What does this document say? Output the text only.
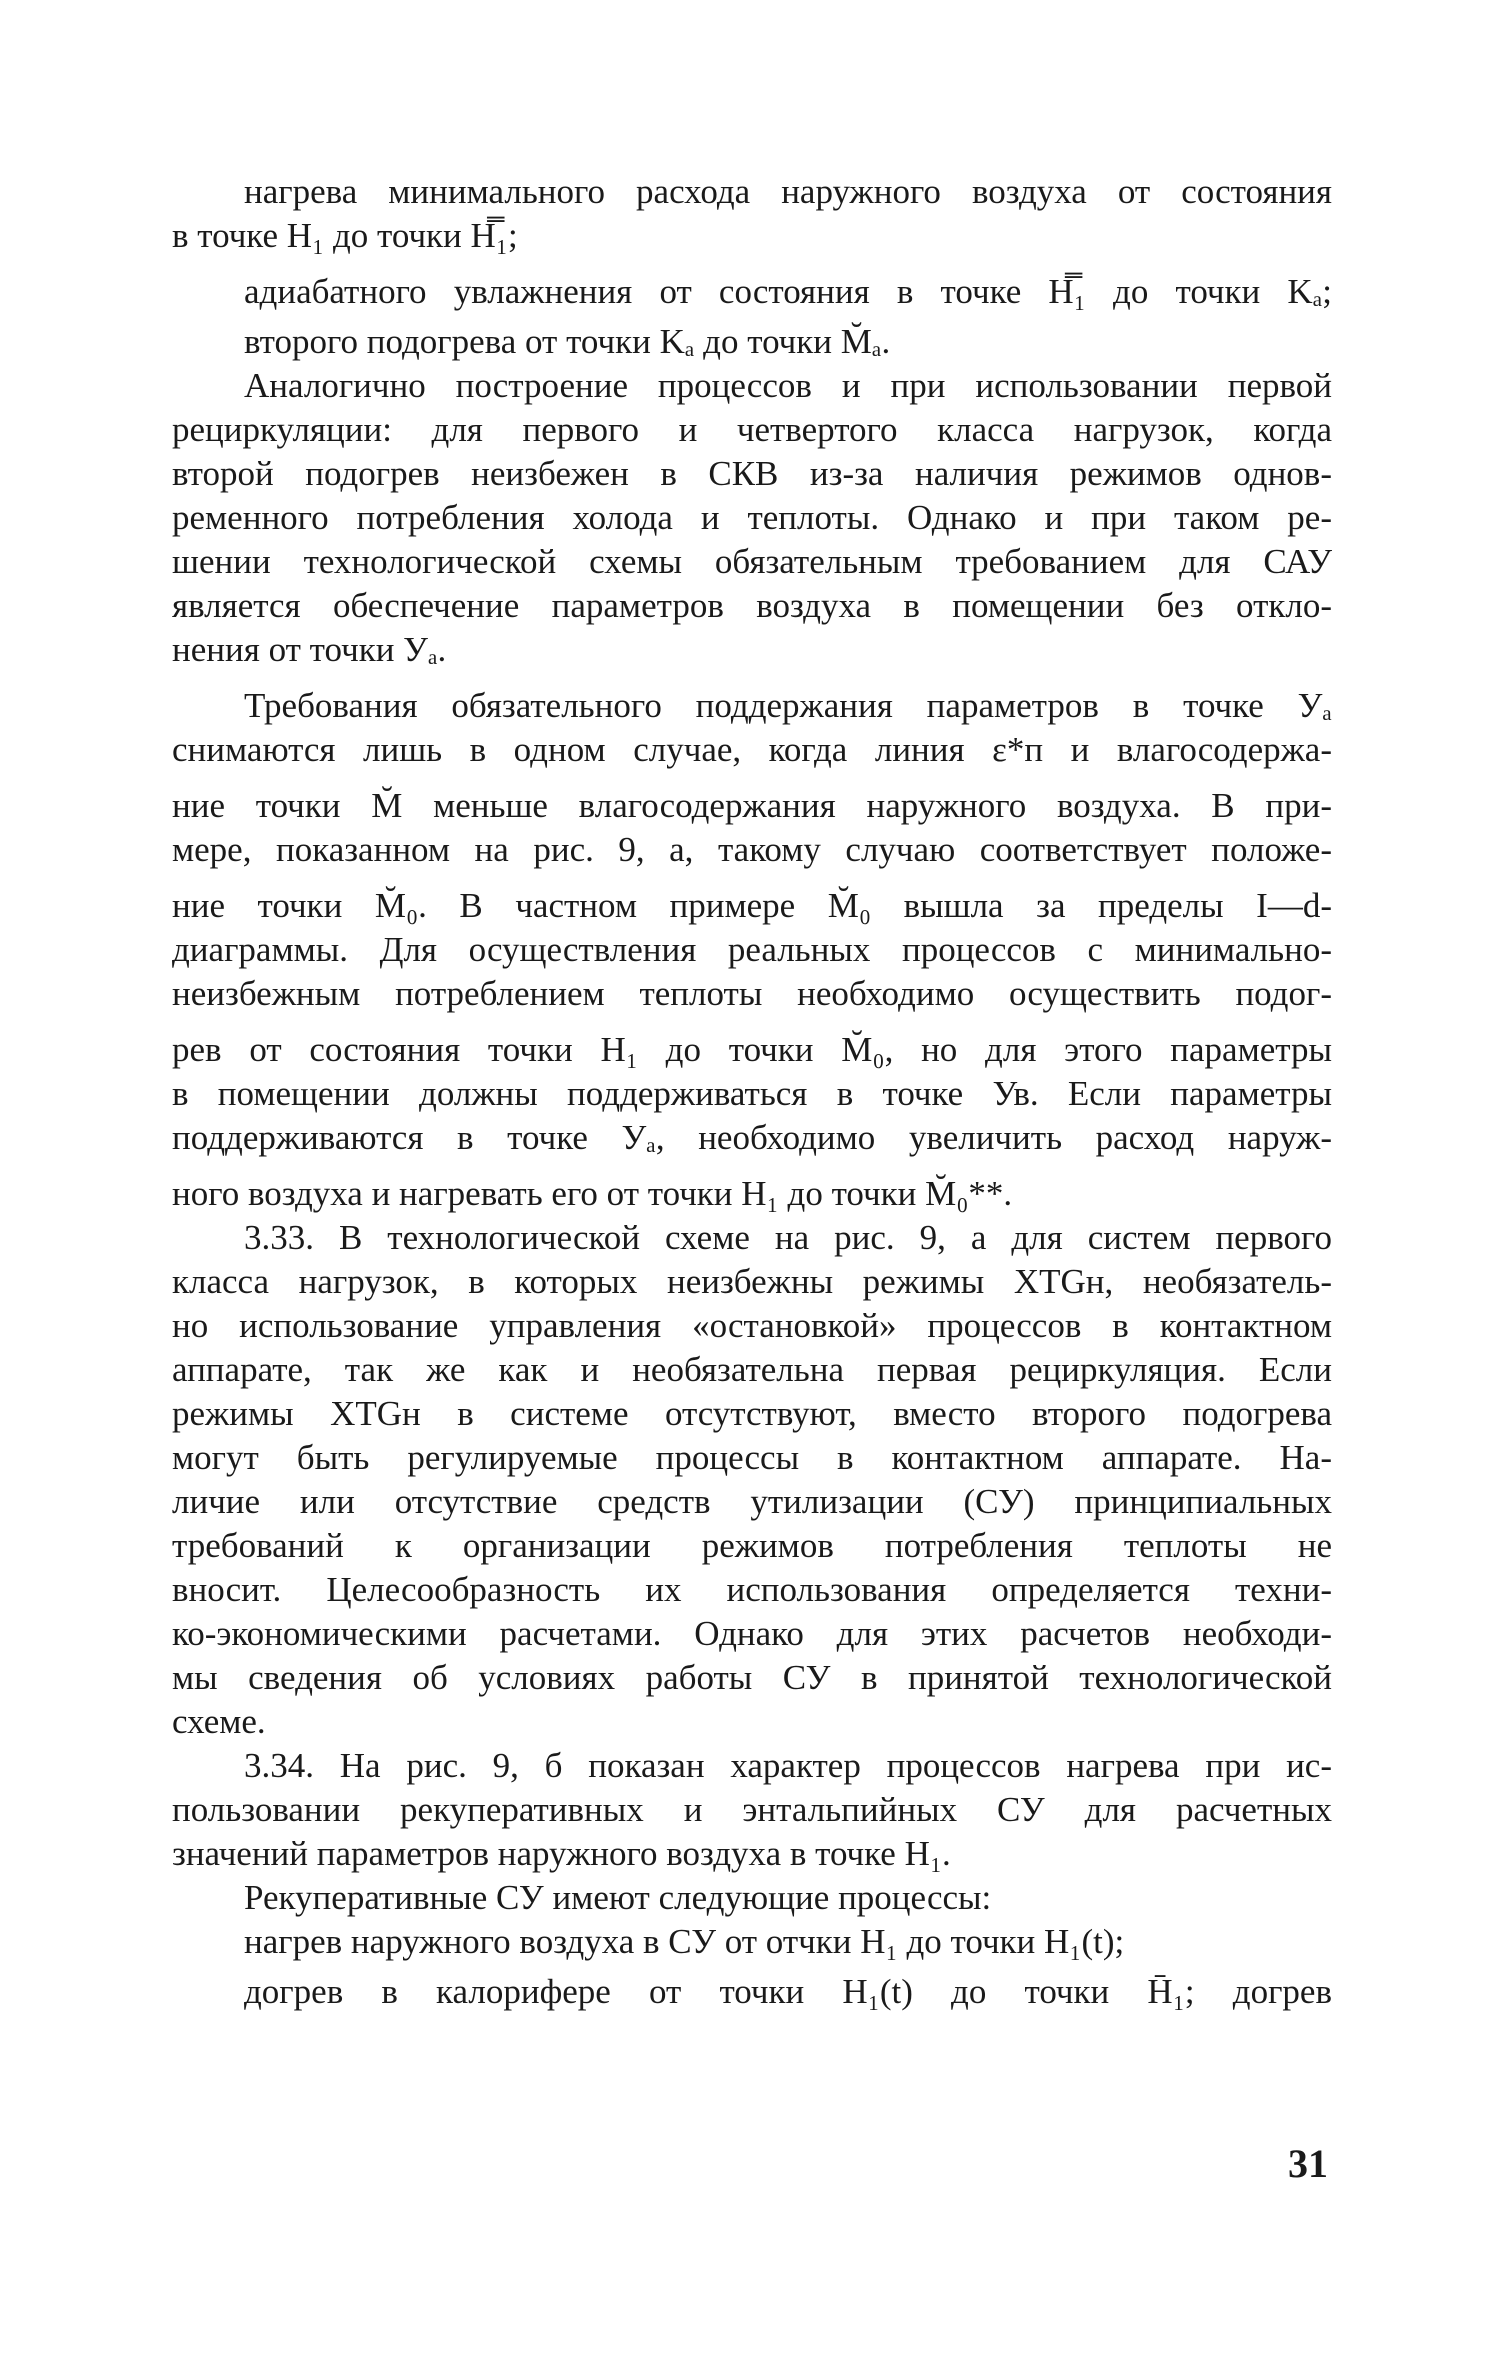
нагрева минимального расхода наружного воздуха от состояния
в точке H₁ до точки H̿₁;
адиабатного увлажнения от состояния в точке H̿₁ до точки Kₐ;
второго подогрева от точки Kₐ до точки M̆ₐ.
Аналогично построение процессов и при использовании первой
рециркуляции: для первого и четвертого класса нагрузок, когда
второй подогрев неизбежен в СКВ из-за наличия режимов однов-
ременного потребления холода и теплоты. Однако и при таком ре-
шении технологической схемы обязательным требованием для САУ
является обеспечение параметров воздуха в помещении без откло-
нения от точки Уₐ.
Требования обязательного поддержания параметров в точке Уₐ
снимаются лишь в одном случае, когда линия ε*п и влагосодержа-
ние точки M̆ меньше влагосодержания наружного воздуха. В при-
мере, показанном на рис. 9, а, такому случаю соответствует положе-
ние точки M̆₀. В частном примере M̆₀ вышла за пределы I—d-
диаграммы. Для осуществления реальных процессов с минимально-
неизбежным потреблением теплоты необходимо осуществить подог-
рев от состояния точки H₁ до точки M̆₀, но для этого параметры
в помещении должны поддерживаться в точке Ув. Если параметры
поддерживаются в точке Уₐ, необходимо увеличить расход наруж-
ного воздуха и нагревать его от точки H₁ до точки M̆₀**.
3.33. В технологической схеме на рис. 9, а для систем первого
класса нагрузок, в которых неизбежны режимы XTGн, необязатель-
но использование управления «остановкой» процессов в контактном
аппарате, так же как и необязательна первая рециркуляция. Если
режимы XTGн в системе отсутствуют, вместо второго подогрева
могут быть регулируемые процессы в контактном аппарате. На-
личие или отсутствие средств утилизации (СУ) принципиальных
требований к организации режимов потребления теплоты не
вносит. Целесообразность их использования определяется техни-
ко-экономическими расчетами. Однако для этих расчетов необходи-
мы сведения об условиях работы СУ в принятой технологической
схеме.
3.34. На рис. 9, б показан характер процессов нагрева при ис-
пользовании рекуперативных и энтальпийных СУ для расчетных
значений параметров наружного воздуха в точке H₁.
Рекуперативные СУ имеют следующие процессы:
нагрев наружного воздуха в СУ от отчки H₁ до точки H₁(t);
догрев в калорифере от точки H₁(t) до точки H̄₁; догрев
31
